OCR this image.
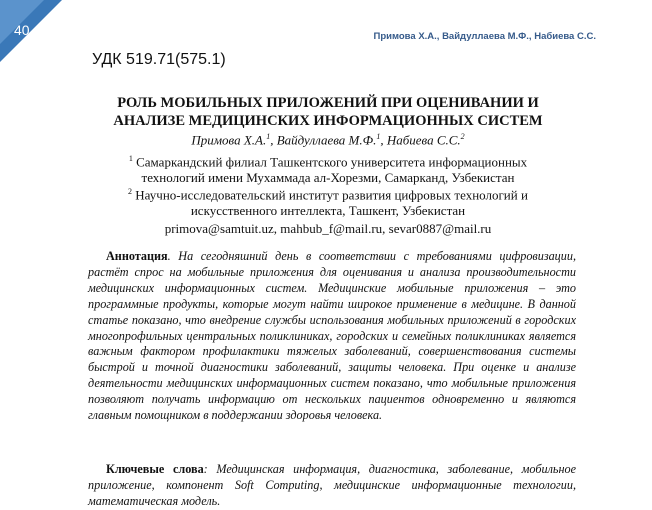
40	Примова Х.А., Вайдуллаева М.Ф., Набиева С.С.
УДК 519.71(575.1)
РОЛЬ МОБИЛЬНЫХ ПРИЛОЖЕНИЙ ПРИ ОЦЕНИВАНИИ И
АНАЛИЗЕ МЕДИЦИНСКИХ ИНФОРМАЦИОННЫХ СИСТЕМ
Примова Х.А.$^1$, Вайдуллаева М.Ф.$^1$, Набиева С.С.$^2$
$^1$ Самаркандский филиал Ташкентского университета информационных
технологий имени Мухаммада ал-Хорезми, Самарканд, Узбекистан
$^2$ Научно-исследовательский институт развития цифровых технологий и
искусственного интеллекта, Ташкент, Узбекистан
primova@samtuit.uz, mahbub_f@mail.ru, sevar0887@mail.ru
Аннотация. На сегодняшний день в соответствии с требованиями цифровизации, растёт спрос на мобильные приложения для оценивания и анализа производительности медицинских информационных систем. Медицинские мобильные приложения – это программные продукты, которые могут найти широкое применение в медицине. В данной статье показано, что внедрение службы использования мобильных приложений в городских многопрофильных центральных поликлиниках, городских и семейных поликлиниках является важным фактором профилактики тяжелых заболеваний, совершенствования системы быстрой и точной диагностики заболеваний, защиты человека. При оценке и анализе деятельности медицинских информационных систем показано, что мобильные приложения позволяют получать информацию от нескольких пациентов одновременно и являются главным помощником в поддержании здоровья человека.
Ключевые слова: Медицинская информация, диагностика, заболевание, мобильное приложение, компонент Soft Computing, медицинские информационные технологии, математическая модель.
